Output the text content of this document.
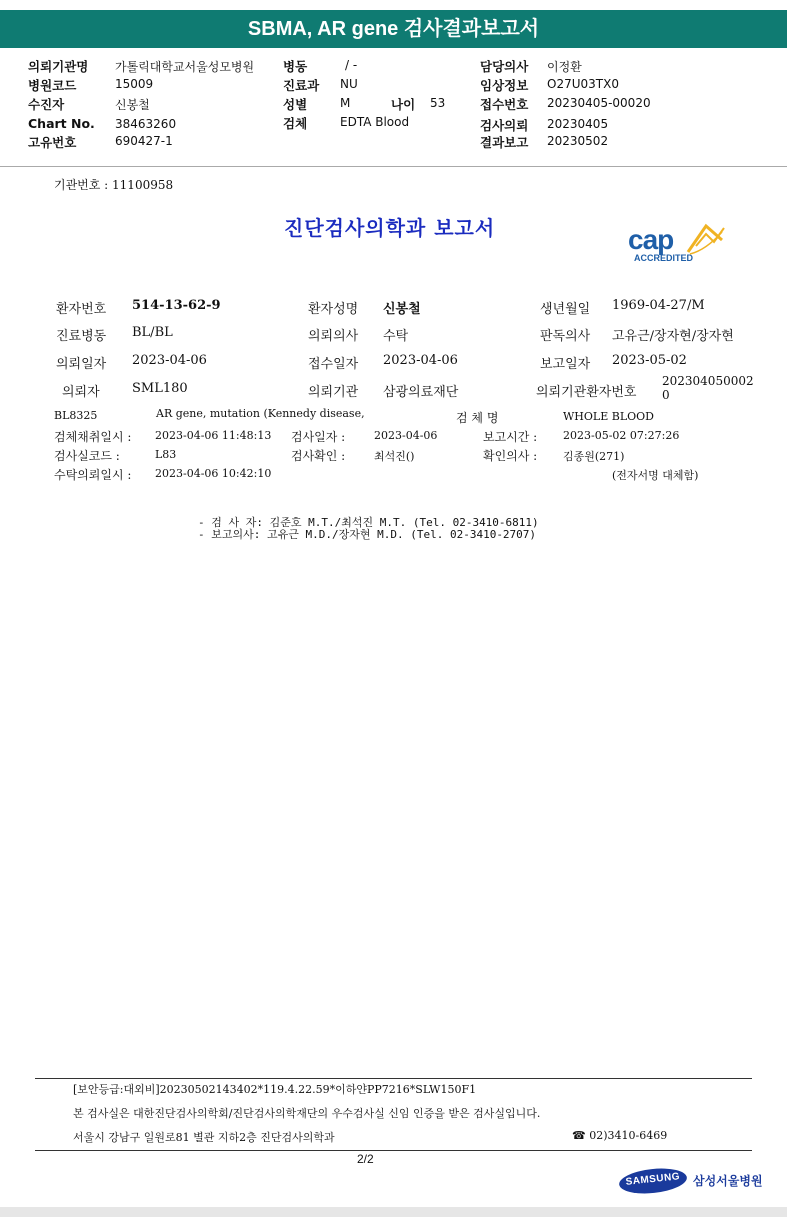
SBMA, AR gene 검사결과보고서
의뢰기관명 가톨릭대학교서울성모병원
병원코드	15009
수진자	신봉철
Chart No. 38463260
고유번호	690427-1
병동	/ -
진료과 NU
성별	M	나이 53
검체	EDTA Blood
담당의사 이정환
임상정보 O27U03TX0
접수번호 20230405-00020
검사의뢰 20230405
결과보고 20230502
기관번호 : 11100958
진단검사의학과 보고서	cap
ACCREDITED
환자번호 514-13-62-9	환자성명 신봉철	생년월일 1969-04-27/M
진료병동 BL/BL	의뢰의사 수탁	판독의사 고유근/장자현/장자현
의뢰일자 2023-04-06	접수일자 2023-04-06	보고일자 2023-05-02
의뢰자 SML180	의뢰기관 삼광의료재단	의뢰기관환자번호
202304050002
0
BL8325	AR gene, mutation (Kennedy disease,	검 체 명	WHOLE BLOOD
검체채취일시 : 2023-04-06 11:48:13 검사일자 :	2023-04-06	보고시간 : 2023-05-02 07:27:26
검사실코드 :	L83	검사확인 :	최석진()	확인의사 : 김종원(271)
수탁의뢰일시 : 2023-04-06 10:42:10	(전자서명 대체함)
- 검 사 자: 김준호 M.T./최석진 M.T. (Tel. 02-3410-6811)
- 보고의사: 고유근 M.D./장자현 M.D. (Tel. 02-3410-2707)
[보안등급:대외비]20230502143402*119.4.22.59*이하얀PP7216*SLW150F1
본 검사실은 대한진단검사의학회/진단검사의학재단의 우수검사실 신임 인증을 받은 검사실입니다.
서울시 강남구 일원로81 별관 지하2층 진단검사의학과	☎ 02)3410-6469
2/2
SAMSUNG	삼성서울병원
